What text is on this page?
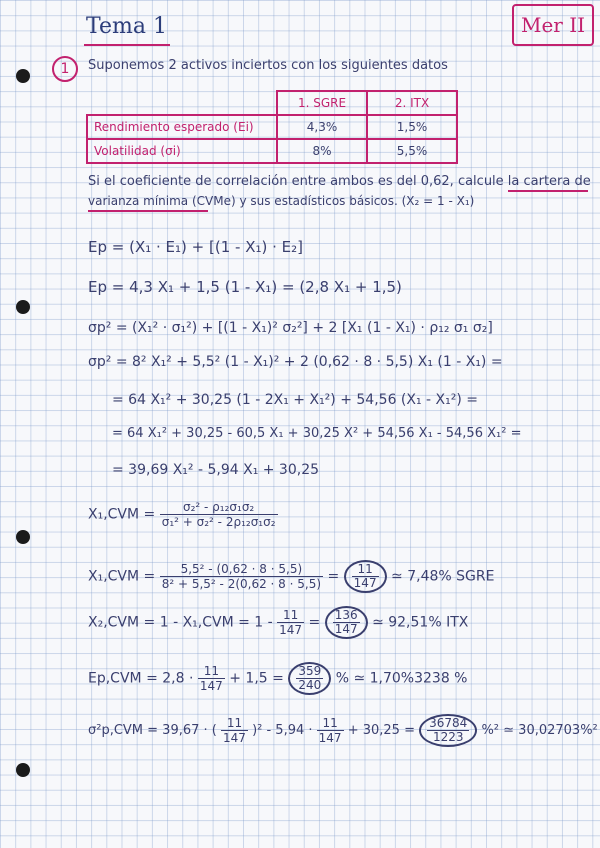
Tema 1	Mer II
1	Suponemos 2 activos inciertos con los siguientes datos
	1. SGRE	2. ITX
Rendimiento esperado (Ei)	4,3%	1,5%
Volatilidad (σi)	8%	5,5%
Si el coeficiente de correlación entre ambos es del 0,62, calcule la cartera de
varianza mínima (CVMe) y sus estadísticos básicos. (X₂ = 1 - X₁)
Ep = (X₁ · E₁) + [(1 - X₁) · E₂]
Ep = 4,3 X₁ + 1,5 (1 - X₁) = (2,8 X₁ + 1,5)
σp² = (X₁² · σ₁²) + [(1 - X₁)² σ₂²] + 2 [X₁ (1 - X₁) · ρ₁₂ σ₁ σ₂]
σp² = 8² X₁² + 5,5² (1 - X₁)² + 2 (0,62 · 8 · 5,5) X₁ (1 - X₁) =
= 64 X₁² + 30,25 (1 - 2X₁ + X₁²) + 54,56 (X₁ - X₁²) =
= 64 X₁² + 30,25 - 60,5 X₁ + 30,25 X² + 54,56 X₁ - 54,56 X₁² =
= 39,69 X₁² - 5,94 X₁ + 30,25
$X_1,CVM = \frac{\text{σ₂² - ρ₁₂σ₁σ₂}}{\text{σ₁² + σ₂² - 2ρ₁₂σ₁σ₂}}$
$X_1,CVM = \frac{\text{5,5² - (0,62 · 8 · 5,5)}}{\text{8² + 5,5² - 2(0,62 · 8 · 5,5)}} = \frac{11}{147}$ ≃ 7,48% SGRE
$X_2,CVM = 1 - X_1,CVM = 1 - \frac{11}{147} = \frac{136}{147}$ ≃ 92,51% ITX
$Ep,CVM = 2,8 \cdot \frac{11}{147} + 1,5 = \frac{359}{240}$ % ≃ 1,70%3238 %
σ²p,CVM = 39,67 · ( $\frac{11}{147} )^2 - 5,94 \cdot \frac{11}{147} + 30,25 = \frac{36784}{1223} \%^2$ ≃ 30,02703%²
